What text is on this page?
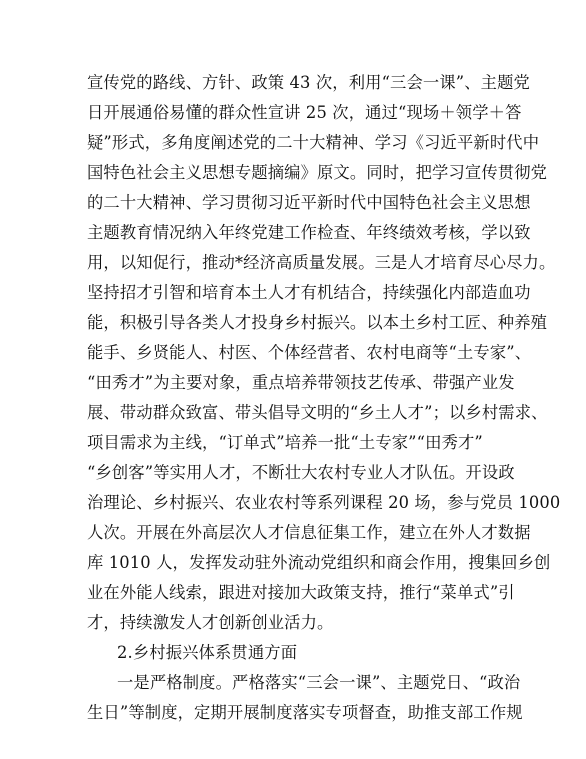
宣传党的路线、方针、政策 43 次，利用“三会一课”、主题党
日开展通俗易懂的群众性宣讲 25 次，通过“现场＋领学＋答
疑”形式，多角度阐述党的二十大精神、学习《习近平新时代中
国特色社会主义思想专题摘编》原文。同时，把学习宣传贯彻党
的二十大精神、学习贯彻习近平新时代中国特色社会主义思想
主题教育情况纳入年终党建工作检查、年终绩效考核，学以致
用，以知促行，推动*经济高质量发展。三是人才培育尽心尽力。
坚持招才引智和培育本土人才有机结合，持续强化内部造血功
能，积极引导各类人才投身乡村振兴。以本土乡村工匠、种养殖
能手、乡贤能人、村医、个体经营者、农村电商等“土专家”、
“田秀才”为主要对象，重点培养带领技艺传承、带强产业发
展、带动群众致富、带头倡导文明的“乡土人才”；以乡村需求、
项目需求为主线，“订单式”培养一批“土专家”“田秀才”
“乡创客”等实用人才，不断壮大农村专业人才队伍。开设政
治理论、乡村振兴、农业农村等系列课程 20 场，参与党员 1000
人次。开展在外高层次人才信息征集工作，建立在外人才数据
库 1010 人，发挥发动驻外流动党组织和商会作用，搜集回乡创
业在外能人线索，跟进对接加大政策支持，推行“菜单式”引
才，持续激发人才创新创业活力。
2.乡村振兴体系贯通方面
一是严格制度。严格落实“三会一课”、主题党日、“政治
生日”等制度，定期开展制度落实专项督查，助推支部工作规
